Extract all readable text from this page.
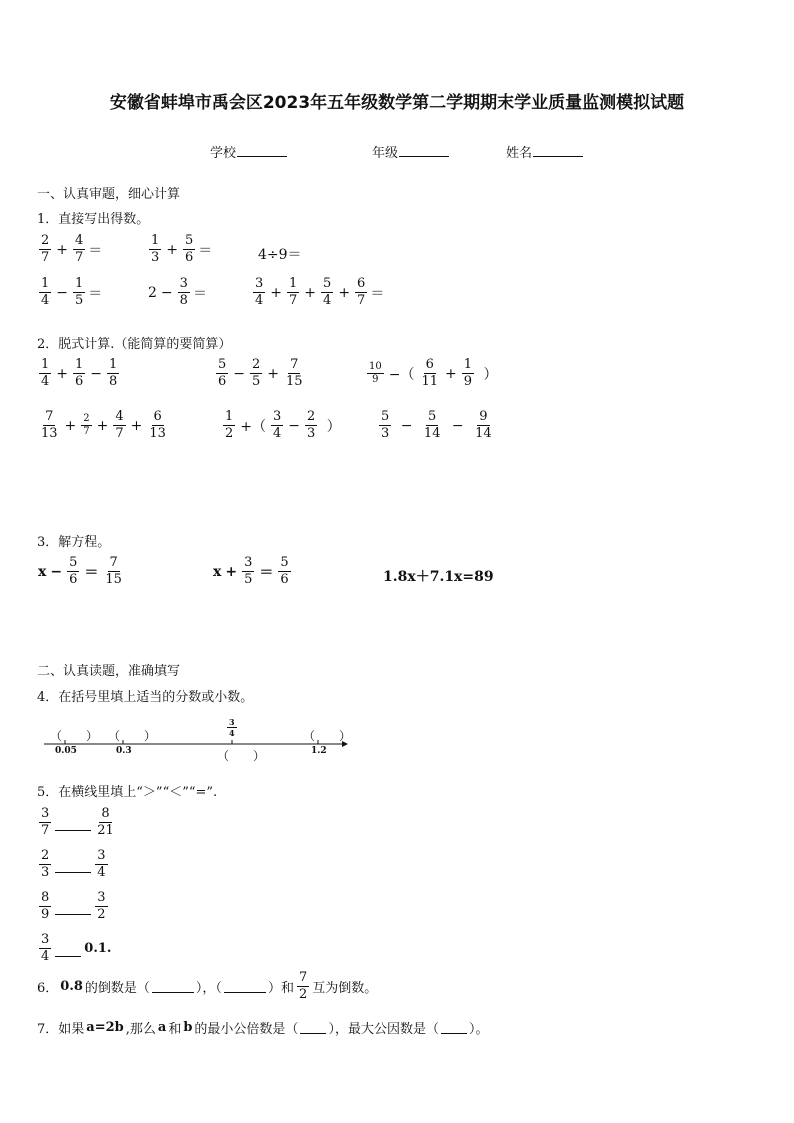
安徽省蚌埠市禹会区2023年五年级数学第二学期期末学业质量监测模拟试题
学校	年级	姓名
一、认真审题，细心计算
1．直接写出得数。
$\frac{2}{7} + \frac{4}{7}$ ＝	$\frac{1}{3} + \frac{5}{6}$ ＝	4÷9＝
$\frac{1}{4} - \frac{1}{5}$ ＝	$2 - \frac{3}{8}$ ＝	$\frac{3}{4} + \frac{1}{7} + \frac{5}{4} + \frac{6}{7}$ ＝
2．脱式计算.（能简算的要简算）
$\frac{1}{4} + \frac{1}{6} - \frac{1}{8}$	$\frac{5}{6} - \frac{2}{5} + \frac{7}{15}$	$\frac{10}{9}$ −（ $\frac{6}{11} + \frac{1}{9}$ ）
$\frac{7}{13} + \frac{2}{7} + \frac{4}{7} + \frac{6}{13}$	$\frac{1}{2}$ +（ $\frac{3}{4} - \frac{2}{3}$ ）	$\frac{5}{3} - \frac{5}{14} - \frac{9}{14}$
3．解方程。
$x - \frac{5}{6} = \frac{7}{15}$	$x + \frac{3}{5} = \frac{5}{6}$	1.8x＋7.1x=89
二、认真读题，准确填写
4．在括号里填上适当的分数或小数。
（　　） （　　）	（　　）
（　　）
$\frac{3}{4}$
0.05	0.3	1.2
5．在横线里填上“＞”“＜”“=”.
$\frac{3}{7}$	$\frac{8}{21}$
$\frac{2}{3}$	$\frac{3}{4}$
$\frac{8}{9}$	$\frac{3}{2}$
$\frac{3}{4}$	0.1.
6． 0.8 的倒数是（	），（	）和 $\frac{7}{2}$ 互为倒数。
7．如果 a=2b ,那么 a 和 b 的最小公倍数是（ ），最大公因数是（ ）。
